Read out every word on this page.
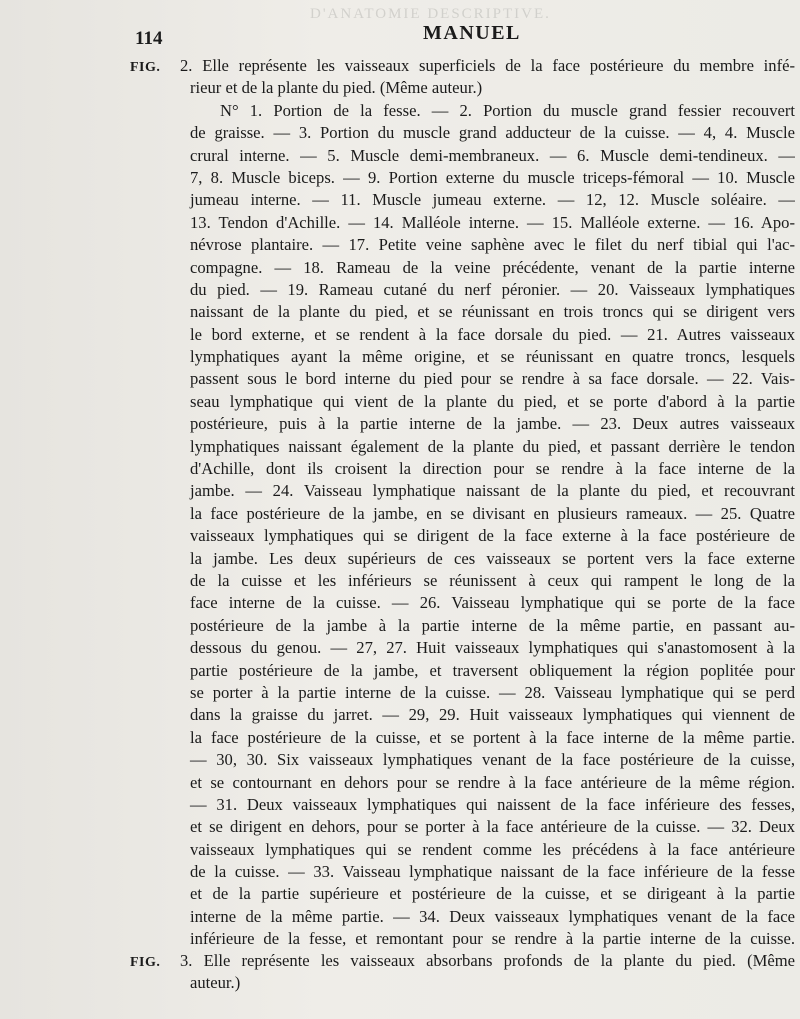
D'ANATOMIE DESCRIPTIVE.
114	MANUEL
FIG. 2. Elle représente les vaisseaux superficiels de la face postérieure du membre infé-
rieur et de la plante du pied. (Même auteur.)
N° 1. Portion de la fesse. — 2. Portion du muscle grand fessier recouvert
de graisse. — 3. Portion du muscle grand adducteur de la cuisse. — 4, 4. Muscle
crural interne. — 5. Muscle demi-membraneux. — 6. Muscle demi-tendineux. —
7, 8. Muscle biceps. — 9. Portion externe du muscle triceps-fémoral — 10. Muscle
jumeau interne. — 11. Muscle jumeau externe. — 12, 12. Muscle soléaire. —
13. Tendon d'Achille. — 14. Malléole interne. — 15. Malléole externe. — 16. Apo-
névrose plantaire. — 17. Petite veine saphène avec le filet du nerf tibial qui l'ac-
compagne. — 18. Rameau de la veine précédente, venant de la partie interne
du pied. — 19. Rameau cutané du nerf péronier. — 20. Vaisseaux lymphatiques
naissant de la plante du pied, et se réunissant en trois troncs qui se dirigent vers
le bord externe, et se rendent à la face dorsale du pied. — 21. Autres vaisseaux
lymphatiques ayant la même origine, et se réunissant en quatre troncs, lesquels
passent sous le bord interne du pied pour se rendre à sa face dorsale. — 22. Vais-
seau lymphatique qui vient de la plante du pied, et se porte d'abord à la partie
postérieure, puis à la partie interne de la jambe. — 23. Deux autres vaisseaux
lymphatiques naissant également de la plante du pied, et passant derrière le tendon
d'Achille, dont ils croisent la direction pour se rendre à la face interne de la
jambe. — 24. Vaisseau lymphatique naissant de la plante du pied, et recouvrant
la face postérieure de la jambe, en se divisant en plusieurs rameaux. — 25. Quatre
vaisseaux lymphatiques qui se dirigent de la face externe à la face postérieure de
la jambe. Les deux supérieurs de ces vaisseaux se portent vers la face externe
de la cuisse et les inférieurs se réunissent à ceux qui rampent le long de la
face interne de la cuisse. — 26. Vaisseau lymphatique qui se porte de la face
postérieure de la jambe à la partie interne de la même partie, en passant au-
dessous du genou. — 27, 27. Huit vaisseaux lymphatiques qui s'anastomosent à la
partie postérieure de la jambe, et traversent obliquement la région poplitée pour
se porter à la partie interne de la cuisse. — 28. Vaisseau lymphatique qui se perd
dans la graisse du jarret. — 29, 29. Huit vaisseaux lymphatiques qui viennent de
la face postérieure de la cuisse, et se portent à la face interne de la même partie.
— 30, 30. Six vaisseaux lymphatiques venant de la face postérieure de la cuisse,
et se contournant en dehors pour se rendre à la face antérieure de la même région.
— 31. Deux vaisseaux lymphatiques qui naissent de la face inférieure des fesses,
et se dirigent en dehors, pour se porter à la face antérieure de la cuisse. — 32. Deux
vaisseaux lymphatiques qui se rendent comme les précédens à la face antérieure
de la cuisse. — 33. Vaisseau lymphatique naissant de la face inférieure de la fesse
et de la partie supérieure et postérieure de la cuisse, et se dirigeant à la partie
interne de la même partie. — 34. Deux vaisseaux lymphatiques venant de la face
inférieure de la fesse, et remontant pour se rendre à la partie interne de la cuisse.
FIG. 3. Elle représente les vaisseaux absorbans profonds de la plante du pied. (Même
auteur.)
